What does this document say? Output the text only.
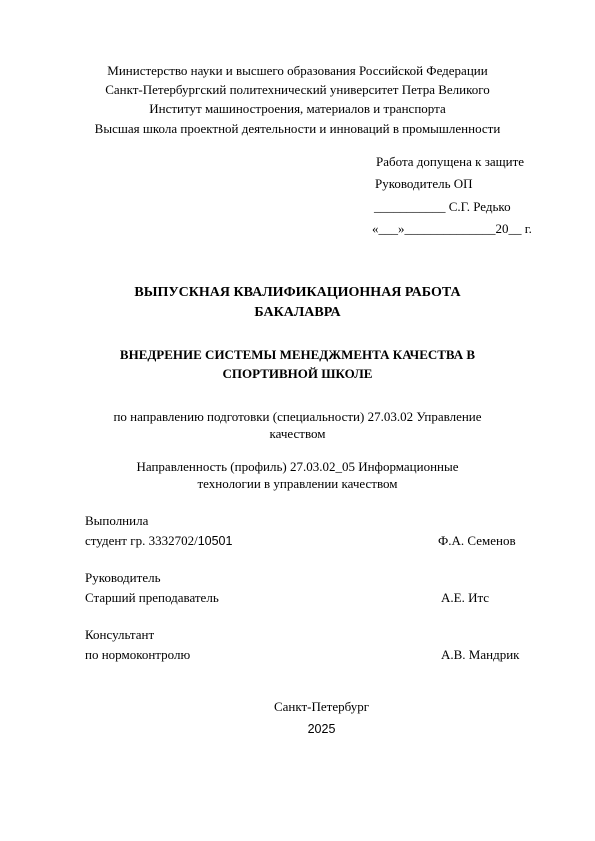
Министерство науки и высшего образования Российской Федерации
Санкт-Петербургский политехнический университет Петра Великого
Институт машиностроения, материалов и транспорта
Высшая школа проектной деятельности и инноваций в промышленности
Работа допущена к защите
Руководитель ОП
___________ С.Г. Редько
«___»______________20__ г.
ВЫПУСКНАЯ КВАЛИФИКАЦИОННАЯ РАБОТА
БАКАЛАВРА
ВНЕДРЕНИЕ СИСТЕМЫ МЕНЕДЖМЕНТА КАЧЕСТВА В
СПОРТИВНОЙ ШКОЛЕ
по направлению подготовки (специальности) 27.03.02 Управление
качеством
Направленность (профиль) 27.03.02_05 Информационные
технологии в управлении качеством
Выполнила
студент гр. 3332702/10501	Ф.А. Семенов
Руководитель
Старший преподаватель	А.Е. Итс
Консультант
по нормоконтролю	А.В. Мандрик
Санкт-Петербург
2025
